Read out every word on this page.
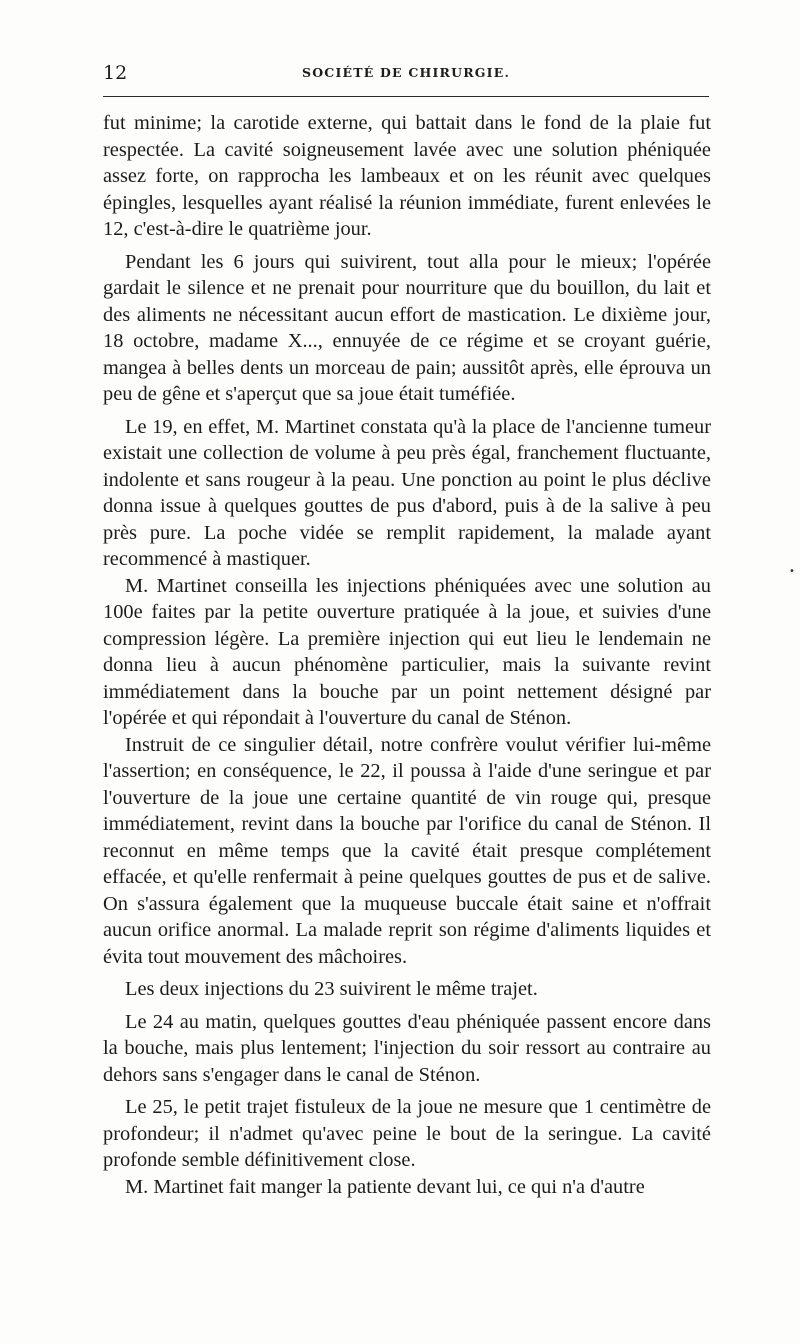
12	SOCIÉTÉ DE CHIRURGIE.

fut minime; la carotide externe, qui battait dans le fond de la plaie fut respectée. La cavité soigneusement lavée avec une solution phéniquée assez forte, on rapprocha les lambeaux et on les réunit avec quelques épingles, lesquelles ayant réalisé la réunion immédiate, furent enlevées le 12, c'est-à-dire le quatrième jour.

Pendant les 6 jours qui suivirent, tout alla pour le mieux; l'opérée gardait le silence et ne prenait pour nourriture que du bouillon, du lait et des aliments ne nécessitant aucun effort de mastication. Le dixième jour, 18 octobre, madame X..., ennuyée de ce régime et se croyant guérie, mangea à belles dents un morceau de pain; aussitôt après, elle éprouva un peu de gêne et s'aperçut que sa joue était tuméfiée.

Le 19, en effet, M. Martinet constata qu'à la place de l'ancienne tumeur existait une collection de volume à peu près égal, franchement fluctuante, indolente et sans rougeur à la peau. Une ponction au point le plus déclive donna issue à quelques gouttes de pus d'abord, puis à de la salive à peu près pure. La poche vidée se remplit rapidement, la malade ayant recommencé à mastiquer.

M. Martinet conseilla les injections phéniquées avec une solution au 100e faites par la petite ouverture pratiquée à la joue, et suivies d'une compression légère. La première injection qui eut lieu le lendemain ne donna lieu à aucun phénomène particulier, mais la suivante revint immédiatement dans la bouche par un point nettement désigné par l'opérée et qui répondait à l'ouverture du canal de Sténon.

Instruit de ce singulier détail, notre confrère voulut vérifier lui-même l'assertion; en conséquence, le 22, il poussa à l'aide d'une seringue et par l'ouverture de la joue une certaine quantité de vin rouge qui, presque immédiatement, revint dans la bouche par l'orifice du canal de Sténon. Il reconnut en même temps que la cavité était presque complétement effacée, et qu'elle renfermait à peine quelques gouttes de pus et de salive. On s'assura également que la muqueuse buccale était saine et n'offrait aucun orifice anormal. La malade reprit son régime d'aliments liquides et évita tout mouvement des mâchoires.

Les deux injections du 23 suivirent le même trajet.

Le 24 au matin, quelques gouttes d'eau phéniquée passent encore dans la bouche, mais plus lentement; l'injection du soir ressort au contraire au dehors sans s'engager dans le canal de Sténon.

Le 25, le petit trajet fistuleux de la joue ne mesure que 1 centimètre de profondeur; il n'admet qu'avec peine le bout de la seringue. La cavité profonde semble définitivement close.

M. Martinet fait manger la patiente devant lui, ce qui n'a d'autre

•
